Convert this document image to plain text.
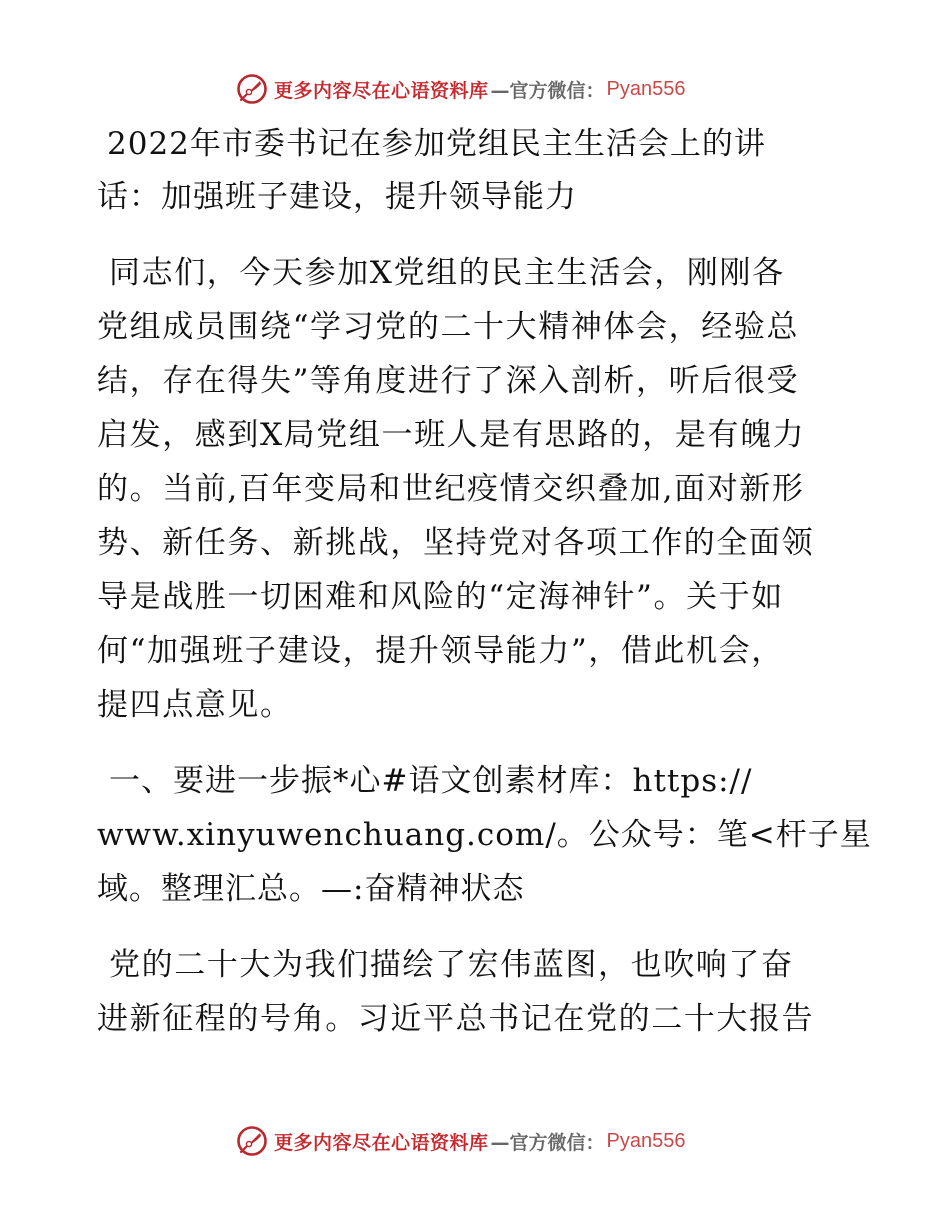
更多内容尽在心语资料库 —官方微信： Pyan556
2022年市委书记在参加党组民主生活会上的讲
话：加强班子建设，提升领导能力
同志们，今天参加X党组的民主生活会，刚刚各
党组成员围绕“学习党的二十大精神体会，经验总
结，存在得失”等角度进行了深入剖析，听后很受
启发，感到X局党组一班人是有思路的，是有魄力
的。当前,百年变局和世纪疫情交织叠加,面对新形
势、新任务、新挑战，坚持党对各项工作的全面领
导是战胜一切困难和风险的“定海神针”。关于如
何“加强班子建设，提升领导能力”，借此机会，
提四点意见。
一、要进一步振*心#语文创素材库：https://
www.xinyuwenchuang.com/。公众号：笔<杆子星
域。整理汇总。—:奋精神状态
党的二十大为我们描绘了宏伟蓝图，也吹响了奋
进新征程的号角。习近平总书记在党的二十大报告
更多内容尽在心语资料库 —官方微信： Pyan556
